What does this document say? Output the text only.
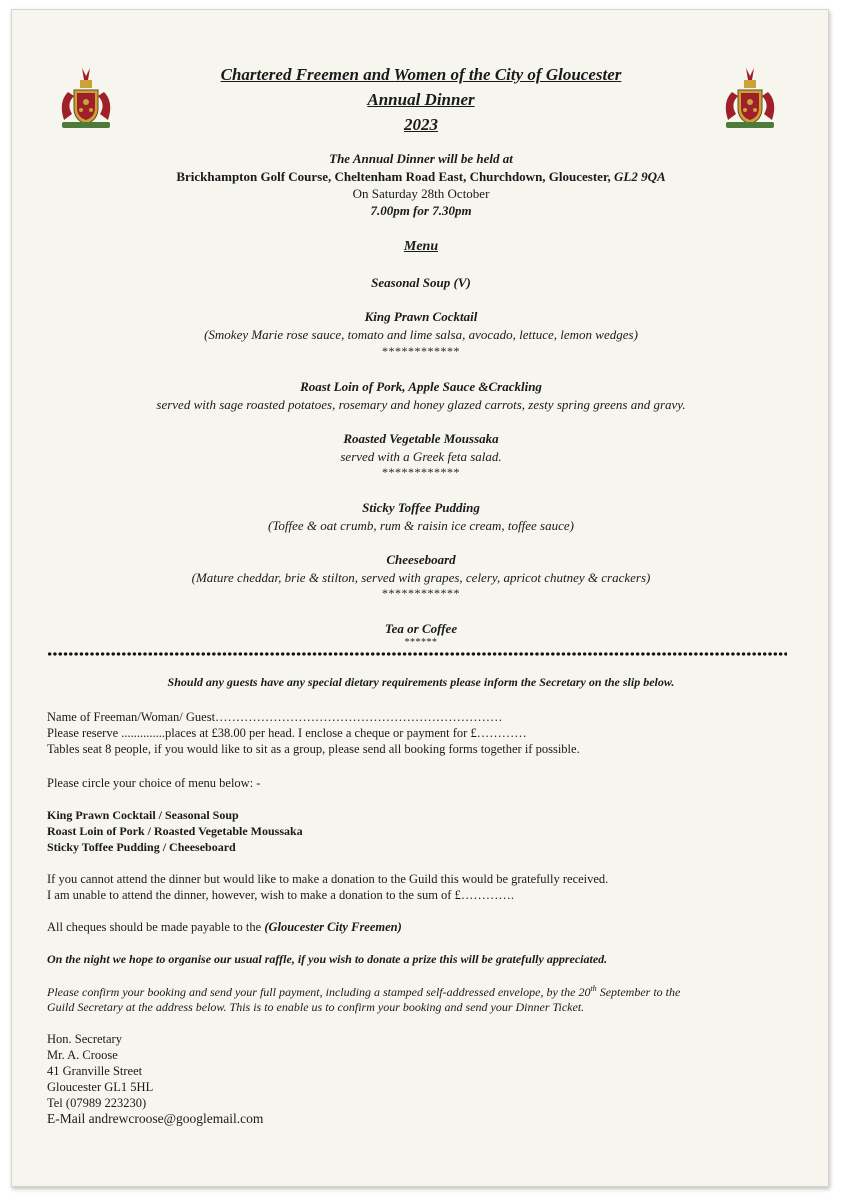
Chartered Freemen and Women of the City of Gloucester
Annual Dinner
2023
The Annual Dinner will be held at
Brickhampton Golf Course, Cheltenham Road East, Churchdown, Gloucester, GL2 9QA
On Saturday 28th October
7.00pm for 7.30pm
Menu
Seasonal Soup (V)
King Prawn Cocktail
(Smokey Marie rose sauce, tomato and lime salsa, avocado, lettuce, lemon wedges)
************
Roast Loin of Pork, Apple Sauce &Crackling
served with sage roasted potatoes, rosemary and honey glazed carrots, zesty spring greens and gravy.
Roasted Vegetable Moussaka
served with a Greek feta salad.
************
Sticky Toffee Pudding
(Toffee & oat crumb, rum & raisin ice cream, toffee sauce)
Cheeseboard
(Mature cheddar, brie & stilton, served with grapes, celery, apricot chutney & crackers)
************
Tea or Coffee
******
Should any guests have any special dietary requirements please inform the Secretary on the slip below.
Name of Freeman/Woman/ Guest……………………………………………………………
Please reserve ..............places at £38.00 per head. I enclose a cheque or payment for £…………
Tables seat 8 people, if you would like to sit as a group, please send all booking forms together if possible.
Please circle your choice of menu below: -
King Prawn Cocktail / Seasonal Soup
Roast Loin of Pork / Roasted Vegetable Moussaka
Sticky Toffee Pudding / Cheeseboard
If you cannot attend the dinner but would like to make a donation to the Guild this would be gratefully received.
I am unable to attend the dinner, however, wish to make a donation to the sum of £………….
All cheques should be made payable to the (Gloucester City Freemen)
On the night we hope to organise our usual raffle, if you wish to donate a prize this will be gratefully appreciated.
Please confirm your booking and send your full payment, including a stamped self-addressed envelope, by the 20th September to the
Guild Secretary at the address below. This is to enable us to confirm your booking and send your Dinner Ticket.
Hon. Secretary
Mr. A. Croose
41 Granville Street
Gloucester GL1 5HL
Tel (07989 223230)
E-Mail andrewcroose@googlemail.com
